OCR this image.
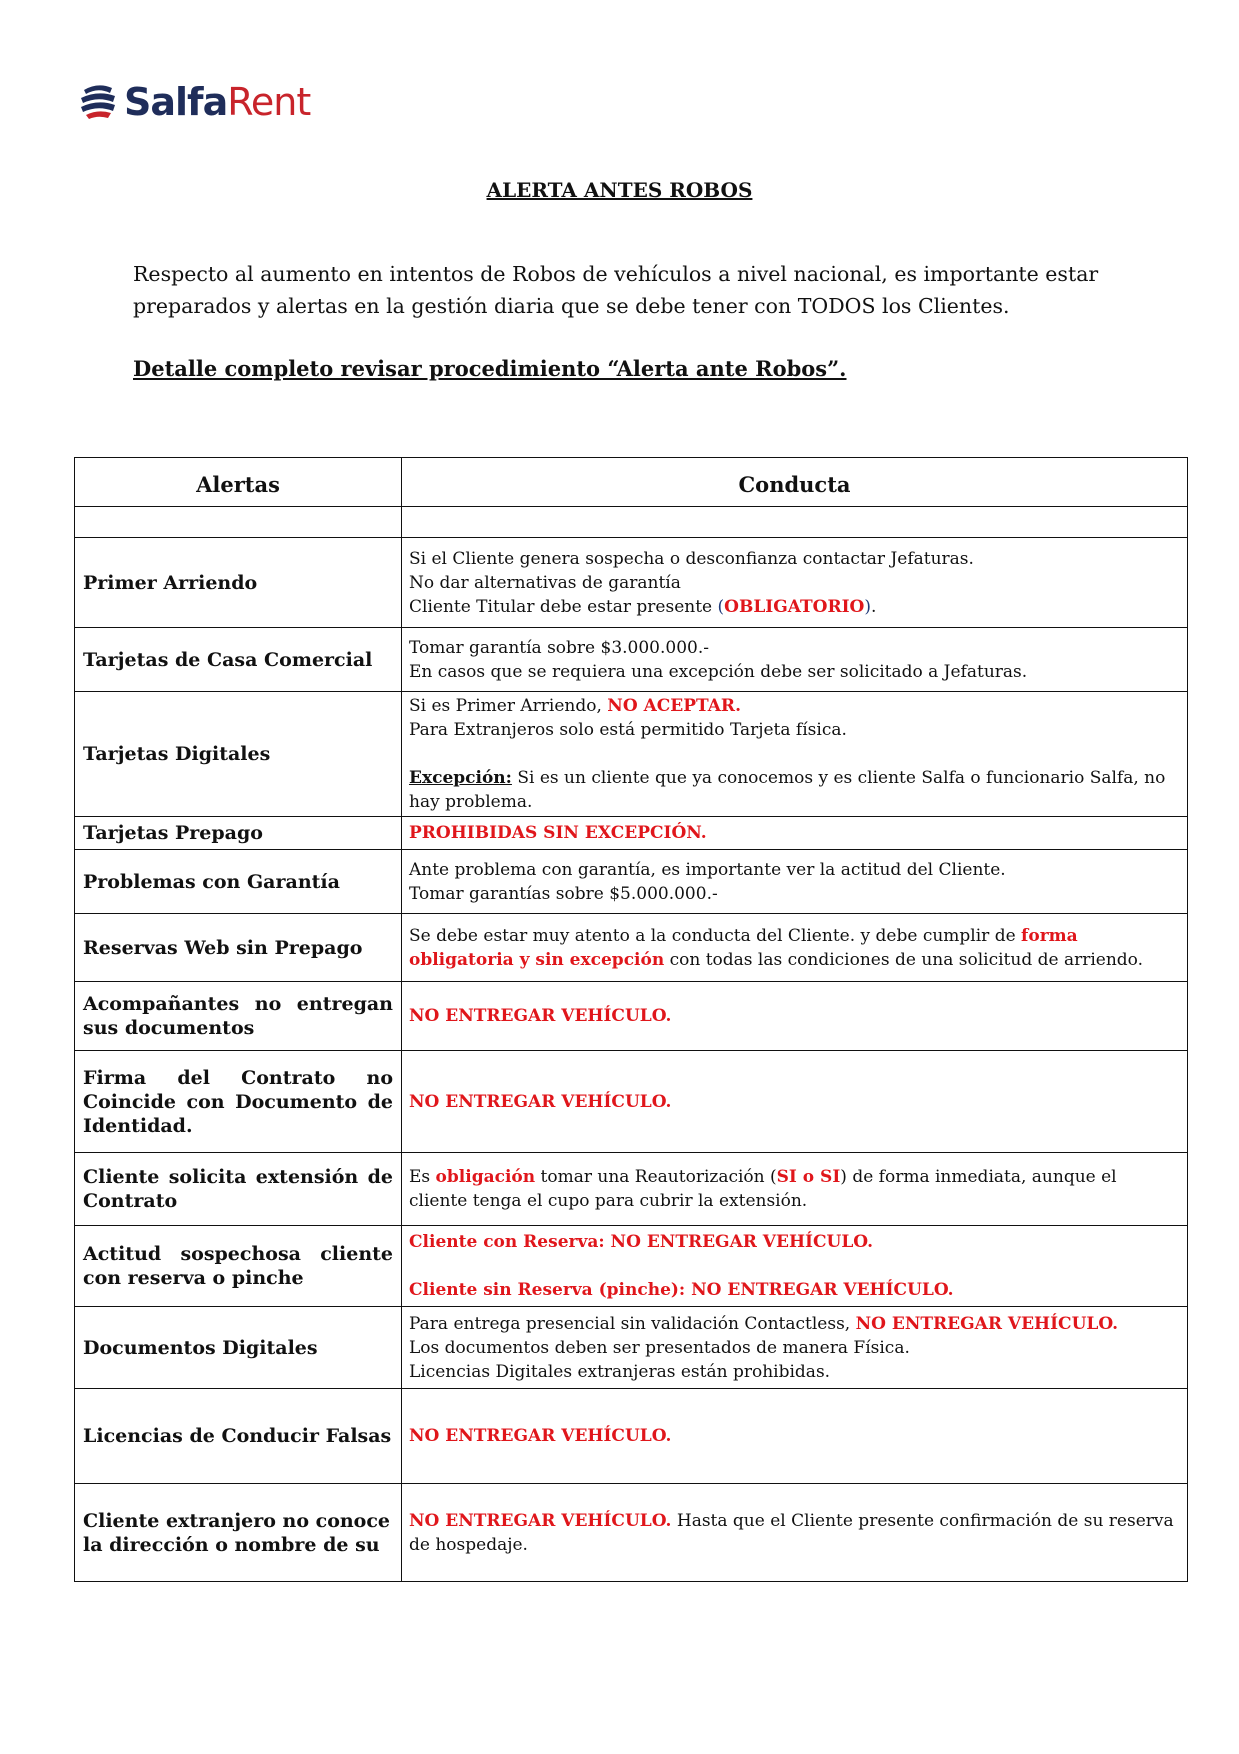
SalfaRent
ALERTA ANTES ROBOS
Respecto al aumento en intentos de Robos de vehículos a nivel nacional, es importante estar preparados y alertas en la gestión diaria que se debe tener con TODOS los Clientes.
Detalle completo revisar procedimiento “Alerta ante Robos”.
Alertas	Conducta

Primer Arriendo	Si el Cliente genera sospecha o desconfianza contactar Jefaturas.
No dar alternativas de garantía
Cliente Titular debe estar presente (OBLIGATORIO).

Tarjetas de Casa Comercial	Tomar garantía sobre $3.000.000.-
En casos que se requiera una excepción debe ser solicitado a Jefaturas.

Tarjetas Digitales	Si es Primer Arriendo, NO ACEPTAR.
Para Extranjeros solo está permitido Tarjeta física.
Excepción: Si es un cliente que ya conocemos y es cliente Salfa o funcionario Salfa, no hay problema.
Tarjetas Prepago	PROHIBIDAS SIN EXCEPCIÓN.
Problemas con Garantía	Ante problema con garantía, es importante ver la actitud del Cliente.
Tomar garantías sobre $5.000.000.-

Reservas Web sin Prepago	Se debe estar muy atento a la conducta del Cliente. y debe cumplir de forma obligatoria y sin excepción con todas las condiciones de una solicitud de arriendo.
Acompañantes no entregan sus documentos	NO ENTREGAR VEHÍCULO.
Firma del Contrato no Coincide con Documento de Identidad.	NO ENTREGAR VEHÍCULO.
Cliente solicita extensión de Contrato	Es obligación tomar una Reautorización (SI o SI) de forma inmediata, aunque el cliente tenga el cupo para cubrir la extensión.
Actitud sospechosa cliente con reserva o pinche	Cliente con Reserva: NO ENTREGAR VEHÍCULO.
Cliente sin Reserva (pinche): NO ENTREGAR VEHÍCULO.

Documentos Digitales	Para entrega presencial sin validación Contactless, NO ENTREGAR VEHÍCULO.
Los documentos deben ser presentados de manera Física.
Licencias Digitales extranjeras están prohibidas.

Licencias de Conducir Falsas	NO ENTREGAR VEHÍCULO.
Cliente extranjero no conoce la dirección o nombre de su	NO ENTREGAR VEHÍCULO. Hasta que el Cliente presente confirmación de su reserva de hospedaje.
